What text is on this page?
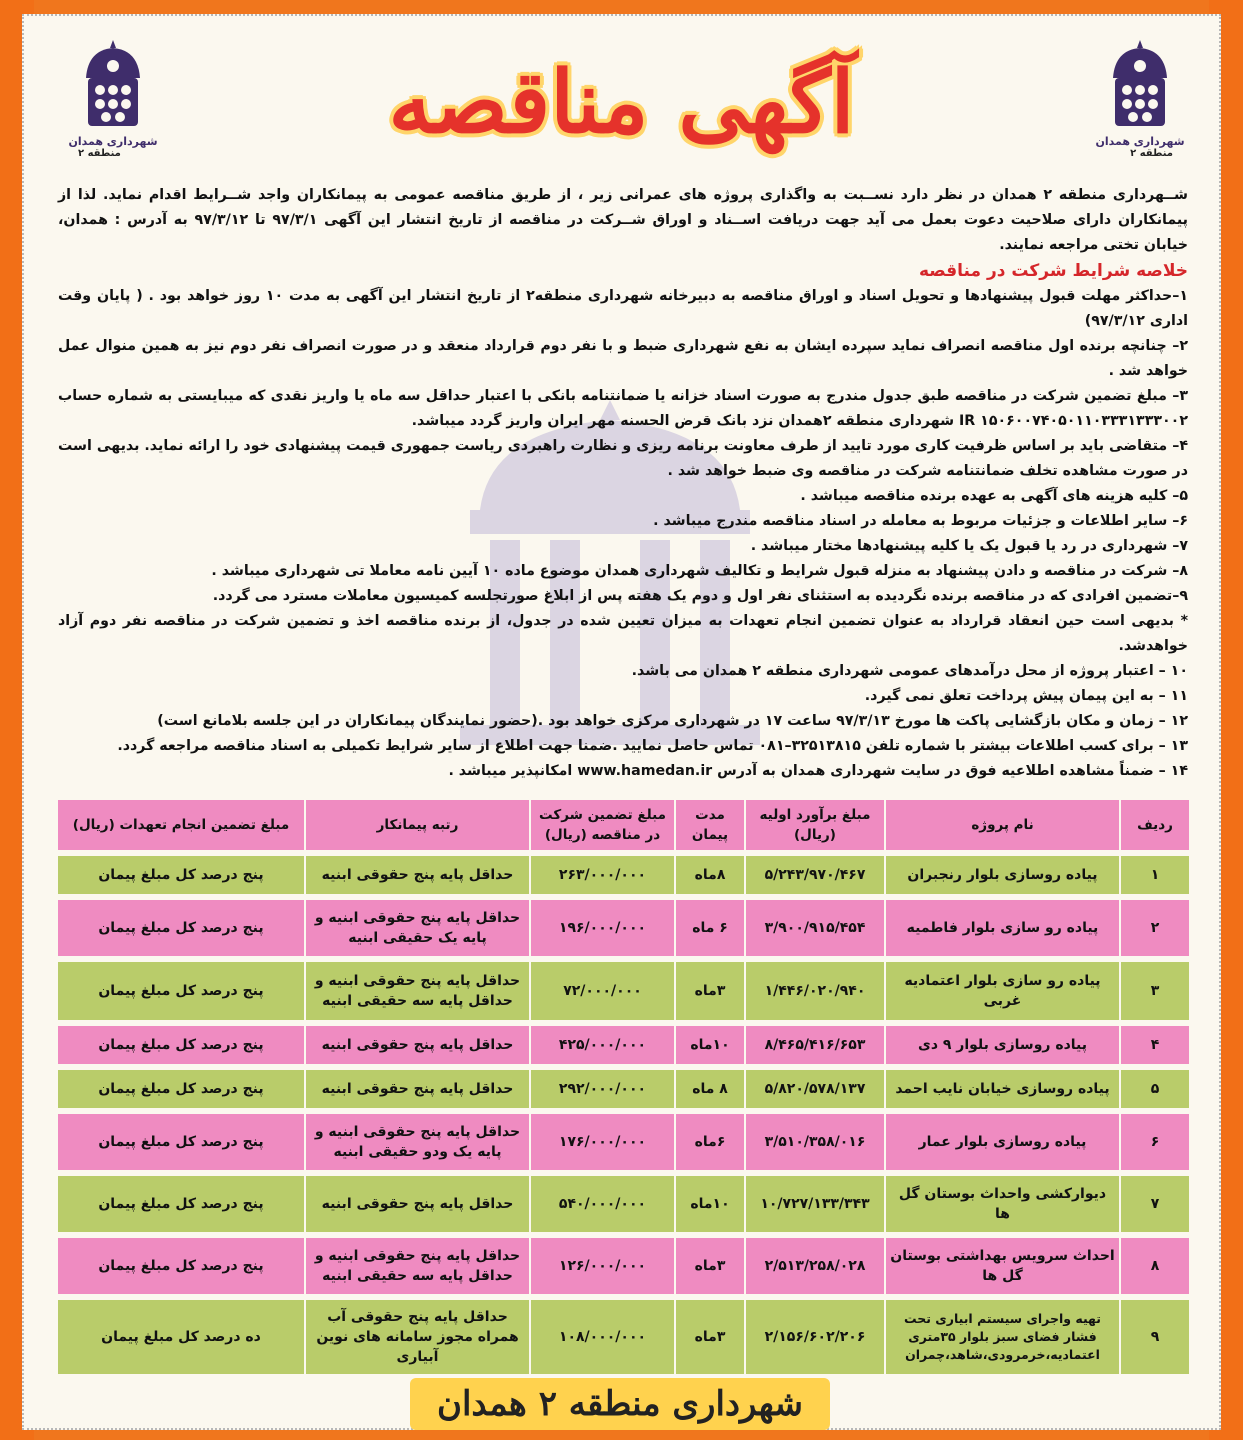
شهرداری همدان
منطقه ۲
شهرداری همدان
منطقه ۲
آگهی مناقصه

شــهرداری منطقه ۲ همدان در نظر دارد نســبت به واگذاری پروژه های عمرانی زیر ، از طریق مناقصه عمومی به پیمانکاران واجد شــرایط اقدام نماید. لذا از پیمانکاران دارای صلاحیت دعوت بعمل می آید جهت دریافت اســناد و اوراق شــرکت در مناقصه از تاریخ انتشار این آگهی ۹۷/۳/۱ تا ۹۷/۳/۱۲ به آدرس : همدان، خیابان تختی مراجعه نمایند.

خلاصه شرایط شرکت در مناقصه

۱–حداکثر مهلت قبول پیشنهادها و تحویل اسناد و اوراق مناقصه به دبیرخانه شهرداری منطقه۲ از تاریخ انتشار این آگهی به مدت ۱۰ روز خواهد بود . ( پایان وقت اداری ۹۷/۳/۱۲)

۲– چنانچه برنده اول مناقصه انصراف نماید سپرده ایشان به نفع شهرداری ضبط و با نفر دوم قرارداد منعقد و در صورت انصراف نفر دوم نیز به همین منوال عمل خواهد شد .

۳– مبلغ تضمین شرکت در مناقصه طبق جدول مندرج به صورت اسناد خزانه یا ضمانتنامه بانکی با اعتبار حداقل سه ماه یا واریز نقدی که میبایستی به شماره حساب IR ۱۵۰۶۰۰۷۴۰۵۰۱۱۰۳۳۳۱۳۳۳۰۰۲ شهرداری منطقه ۲همدان نزد بانک قرض الحسنه مهر ایران واریز گردد میباشد.

۴– متقاضی باید بر اساس ظرفیت کاری مورد تایید از طرف معاونت برنامه ریزی و نظارت راهبردی ریاست جمهوری قیمت پیشنهادی خود را ارائه نماید. بدیهی است در صورت مشاهده تخلف ضمانتنامه شرکت در مناقصه وی ضبط خواهد شد .

۵– کلیه هزینه های آگهی به عهده برنده مناقصه میباشد .

۶– سایر اطلاعات و جزئیات مربوط به معامله در اسناد مناقصه مندرج میباشد .

۷– شهرداری در رد یا قبول یک یا کلیه پیشنهادها مختار میباشد .

۸– شرکت در مناقصه و دادن پیشنهاد به منزله قبول شرایط و تکالیف شهرداری همدان موضوع ماده ۱۰ آیین نامه معاملا تی شهرداری میباشد .

۹–تضمین افرادی که در مناقصه برنده نگردیده به استثنای نفر اول و دوم یک هفته پس از ابلاغ صورتجلسه کمیسیون معاملات مسترد می گردد.

* بدیهی است حین انعقاد قرارداد به عنوان تضمین انجام تعهدات به میزان تعیین شده در جدول، از برنده مناقصه اخذ و تضمین شرکت در مناقصه نفر دوم آزاد خواهدشد.

۱۰ – اعتبار پروژه از محل درآمدهای عمومی شهرداری منطقه ۲ همدان می باشد.

۱۱ – به این پیمان پیش پرداخت تعلق نمی گیرد.

۱۲ – زمان و مکان بازگشایی پاکت ها مورخ ۹۷/۳/۱۳ ساعت ۱۷ در شهرداری مرکزی خواهد بود .(حضور نمایندگان پیمانکاران در این جلسه بلامانع است)

۱۳ – برای کسب اطلاعات بیشتر با شماره تلفن ۳۲۵۱۳۸۱۵–۰۸۱ تماس حاصل نمایید .ضمنا جهت اطلاع از سایر شرایط تکمیلی به اسناد مناقصه مراجعه گردد.

۱۴ – ضمناً مشاهده اطلاعیه فوق در سایت شهرداری همدان به آدرس www.hamedan.ir امکانپذیر میباشد .

ردیف	نام پروژه	مبلغ برآورد اولیه (ریال)	مدت پیمان	مبلغ تضمین شرکت در مناقصه (ریال)	رتبه پیمانکار	مبلغ تضمین انجام تعهدات (ریال)
۱	پیاده روسازی بلوار رنجبران	۵/۲۴۳/۹۷۰/۴۶۷	۸ماه	۲۶۳/۰۰۰/۰۰۰	حداقل پایه پنج حقوقی ابنیه	پنج درصد کل مبلغ پیمان
۲	پیاده رو سازی بلوار فاطمیه	۳/۹۰۰/۹۱۵/۴۵۴	۶ ماه	۱۹۶/۰۰۰/۰۰۰	حداقل پایه پنج حقوقی ابنیه و پایه یک حقیقی ابنیه	پنج درصد کل مبلغ پیمان
۳	پیاده رو سازی بلوار اعتمادیه غربی	۱/۴۴۶/۰۲۰/۹۴۰	۳ماه	۷۲/۰۰۰/۰۰۰	حداقل پایه پنج حقوقی ابنیه و حداقل پایه سه حقیقی ابنیه	پنج درصد کل مبلغ پیمان
۴	پیاده روسازی بلوار ۹ دی	۸/۴۶۵/۴۱۶/۶۵۳	۱۰ماه	۴۲۵/۰۰۰/۰۰۰	حداقل پایه پنج حقوقی ابنیه	پنج درصد کل مبلغ پیمان
۵	پیاده روسازی خیابان نایب احمد	۵/۸۲۰/۵۷۸/۱۳۷	۸ ماه	۲۹۲/۰۰۰/۰۰۰	حداقل پایه پنج حقوقی ابنیه	پنج درصد کل مبلغ پیمان
۶	پیاده روسازی بلوار عمار	۳/۵۱۰/۳۵۸/۰۱۶	۶ماه	۱۷۶/۰۰۰/۰۰۰	حداقل پایه پنج حقوقی ابنیه و پایه یک ودو حقیقی ابنیه	پنج درصد کل مبلغ پیمان
۷	دیوارکشی واحداث بوستان گل ها	۱۰/۷۲۷/۱۳۳/۳۴۳	۱۰ماه	۵۴۰/۰۰۰/۰۰۰	حداقل پایه پنج حقوقی ابنیه	پنج درصد کل مبلغ پیمان
۸	احداث سرویس بهداشتی بوستان گل ها	۲/۵۱۳/۲۵۸/۰۲۸	۳ماه	۱۲۶/۰۰۰/۰۰۰	حداقل پایه پنج حقوقی ابنیه و حداقل پایه سه حقیقی ابنیه	پنج درصد کل مبلغ پیمان
۹	تهیه واجرای سیستم ابیاری تحت فشار فضای سبز بلوار ۳۵متری اعتمادیه،خرمرودی،شاهد،چمران	۲/۱۵۶/۶۰۲/۲۰۶	۳ماه	۱۰۸/۰۰۰/۰۰۰	حداقل پایه پنج حقوقی آب همراه مجوز سامانه های نوین آبیاری	ده درصد کل مبلغ پیمان
شهرداری منطقه ۲ همدان
